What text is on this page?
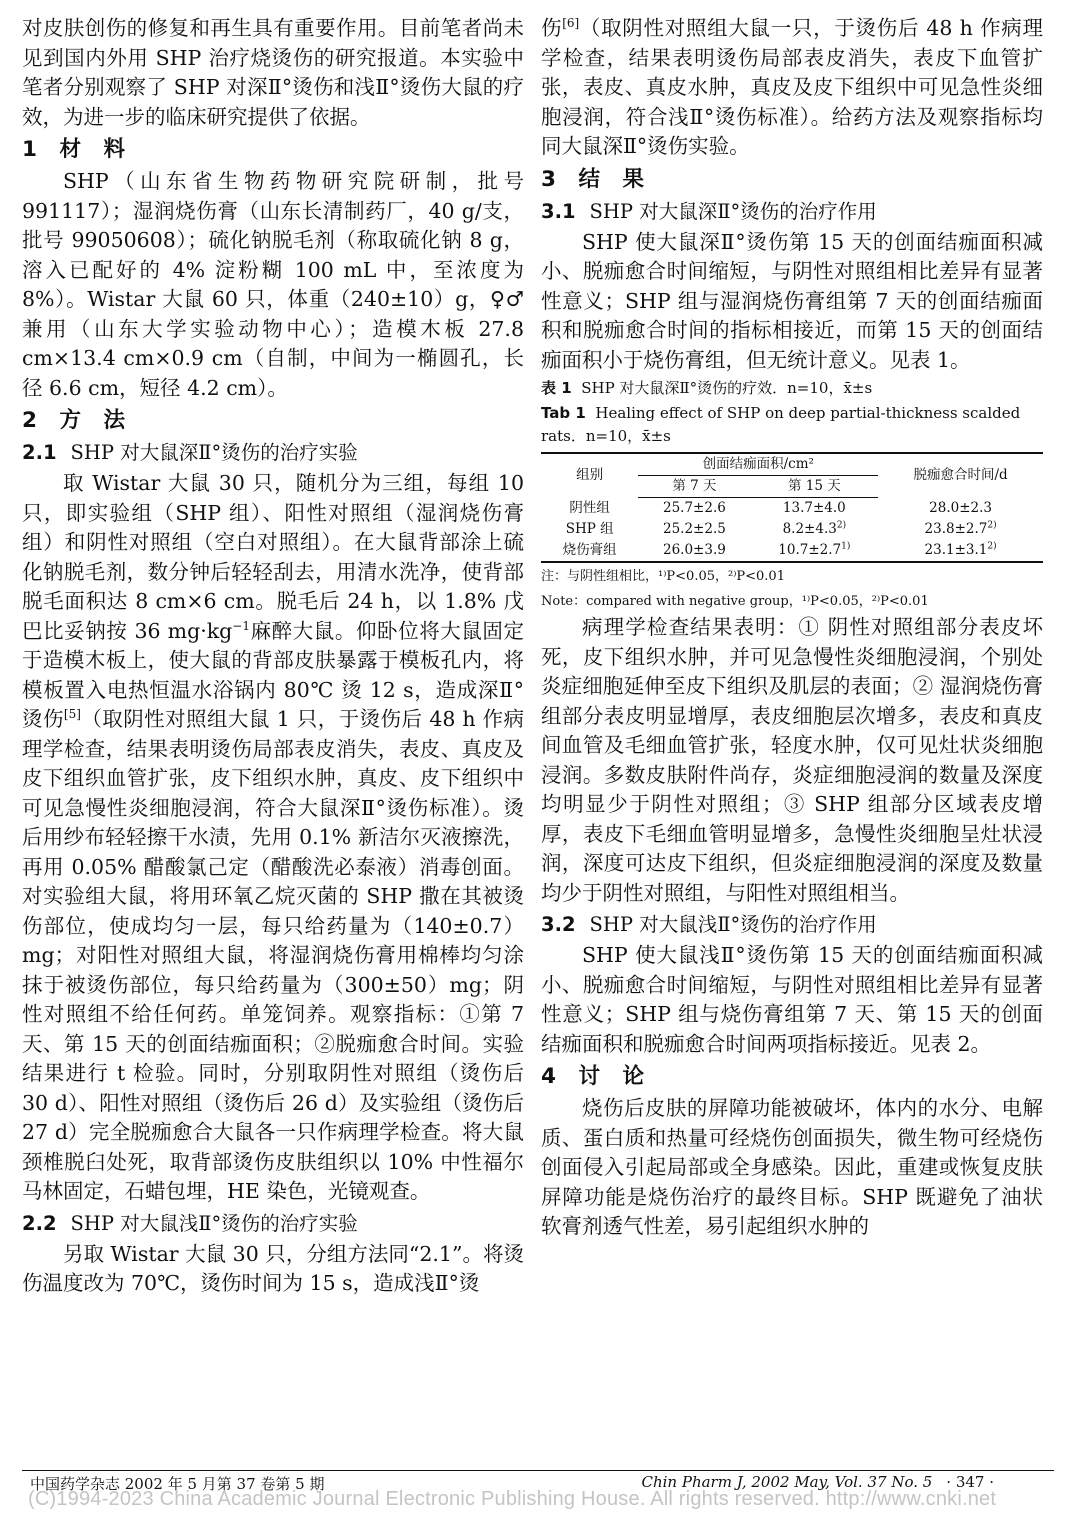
对皮肤创伤的修复和再生具有重要作用。目前笔者尚未见到国内外用 SHP 治疗烧烫伤的研究报道。本实验中笔者分别观察了 SHP 对深Ⅱ°烫伤和浅Ⅱ°烫伤大鼠的疗效，为进一步的临床研究提供了依据。

1　材　料

SHP（山东省生物药物研究院研制，批号 991117）；湿润烧伤膏（山东长清制药厂，40 g/支，批号 99050608）；硫化钠脱毛剂（称取硫化钠 8 g，溶入已配好的 4% 淀粉糊 100 mL 中，至浓度为 8%）。Wistar 大鼠 60 只，体重（240±10）g，♀♂兼用（山东大学实验动物中心）；造模木板 27.8 cm×13.4 cm×0.9 cm（自制，中间为一椭圆孔，长径 6.6 cm，短径 4.2 cm）。

2　方　法
2.1 SHP 对大鼠深Ⅱ°烫伤的治疗实验

取 Wistar 大鼠 30 只，随机分为三组，每组 10 只，即实验组（SHP 组）、阳性对照组（湿润烧伤膏组）和阴性对照组（空白对照组）。在大鼠背部涂上硫化钠脱毛剂，数分钟后轻轻刮去，用清水洗净，使背部脱毛面积达 8 cm×6 cm。脱毛后 24 h，以 1.8% 戊巴比妥钠按 36 $mg\cdot kg^{-1}$麻醉大鼠。仰卧位将大鼠固定于造模木板上，使大鼠的背部皮肤暴露于模板孔内，将模板置入电热恒温水浴锅内 80℃ 烫 12 s，造成深Ⅱ°烫伤[5]（取阴性对照组大鼠 1 只，于烫伤后 48 h 作病理学检查，结果表明烫伤局部表皮消失，表皮、真皮及皮下组织血管扩张，皮下组织水肿，真皮、皮下组织中可见急慢性炎细胞浸润，符合大鼠深Ⅱ°烫伤标准）。烫后用纱布轻轻擦干水渍，先用 0.1% 新洁尔灭液擦洗，再用 0.05% 醋酸氯己定（醋酸洗必泰液）消毒创面。对实验组大鼠，将用环氧乙烷灭菌的 SHP 撒在其被烫伤部位，使成均匀一层，每只给药量为（140±0.7）mg；对阳性对照组大鼠，将湿润烧伤膏用棉棒均匀涂抹于被烫伤部位，每只给药量为（300±50）mg；阴性对照组不给任何药。单笼饲养。观察指标：①第 7 天、第 15 天的创面结痂面积；②脱痂愈合时间。实验结果进行 t 检验。同时，分别取阴性对照组（烫伤后 30 d）、阳性对照组（烫伤后 26 d）及实验组（烫伤后 27 d）完全脱痂愈合大鼠各一只作病理学检查。将大鼠颈椎脱臼处死，取背部烫伤皮肤组织以 10% 中性福尔马林固定，石蜡包埋，HE 染色，光镜观查。

2.2 SHP 对大鼠浅Ⅱ°烫伤的治疗实验

另取 Wistar 大鼠 30 只，分组方法同“2.1”。将烫伤温度改为 70℃，烫伤时间为 15 s，造成浅Ⅱ°烫

伤[6]（取阴性对照组大鼠一只，于烫伤后 48 h 作病理学检查，结果表明烫伤局部表皮消失，表皮下血管扩张，表皮、真皮水肿，真皮及皮下组织中可见急性炎细胞浸润，符合浅Ⅱ°烫伤标准）。给药方法及观察指标均同大鼠深Ⅱ°烫伤实验。

3　结　果
3.1 SHP 对大鼠深Ⅱ°烫伤的治疗作用

SHP 使大鼠深Ⅱ°烫伤第 15 天的创面结痂面积减小、脱痂愈合时间缩短，与阴性对照组相比差异有显著性意义；SHP 组与湿润烧伤膏组第 7 天的创面结痂面积和脱痂愈合时间的指标相接近，而第 15 天的创面结痂面积小于烧伤膏组，但无统计意义。见表 1。

表 1 SHP 对大鼠深Ⅱ°烫伤的疗效．n=10，x̄±s
Tab 1 Healing effect of SHP on deep partial-thickness scalded rats．n=10，x̄±s
组别	创面结痂面积/cm²		脱痂愈合时间/d
	第 7 天	第 15 天	
阴性组	25.7±2.6	13.7±4.0	28.0±2.3
SHP 组	25.2±2.5	$8.2\pm 4.3^{2)}$	$23.8\pm 2.7^{2)}$
烧伤膏组	26.0±3.9	$10.7\pm 2.7^{1)}$	$23.1\pm 3.1^{2)}$
注：与阴性组相比，¹⁾P<0.05，²⁾P<0.01
Note：compared with negative group，¹⁾P<0.05，²⁾P<0.01

病理学检查结果表明：① 阴性对照组部分表皮坏死，皮下组织水肿，并可见急慢性炎细胞浸润，个别处炎症细胞延伸至皮下组织及肌层的表面；② 湿润烧伤膏组部分表皮明显增厚，表皮细胞层次增多，表皮和真皮间血管及毛细血管扩张，轻度水肿，仅可见灶状炎细胞浸润。多数皮肤附件尚存，炎症细胞浸润的数量及深度均明显少于阴性对照组；③ SHP 组部分区域表皮增厚，表皮下毛细血管明显增多，急慢性炎细胞呈灶状浸润，深度可达皮下组织，但炎症细胞浸润的深度及数量均少于阴性对照组，与阳性对照组相当。

3.2 SHP 对大鼠浅Ⅱ°烫伤的治疗作用

SHP 使大鼠浅Ⅱ°烫伤第 15 天的创面结痂面积减小、脱痂愈合时间缩短，与阴性对照组相比差异有显著性意义；SHP 组与烧伤膏组第 7 天、第 15 天的创面结痂面积和脱痂愈合时间两项指标接近。见表 2。

4　讨　论

烧伤后皮肤的屏障功能被破坏，体内的水分、电解质、蛋白质和热量可经烧伤创面损失，微生物可经烧伤创面侵入引起局部或全身感染。因此，重建或恢复皮肤屏障功能是烧伤治疗的最终目标。SHP 既避免了油状软膏剂透气性差，易引起组织水肿的

中国药学杂志 2002 年 5 月第 37 卷第 5 期	Chin Pharm J, 2002 May, Vol. 37 No. 5 · 347 ·
(C)1994-2023 China Academic Journal Electronic Publishing House. All rights reserved. http://www.cnki.net
